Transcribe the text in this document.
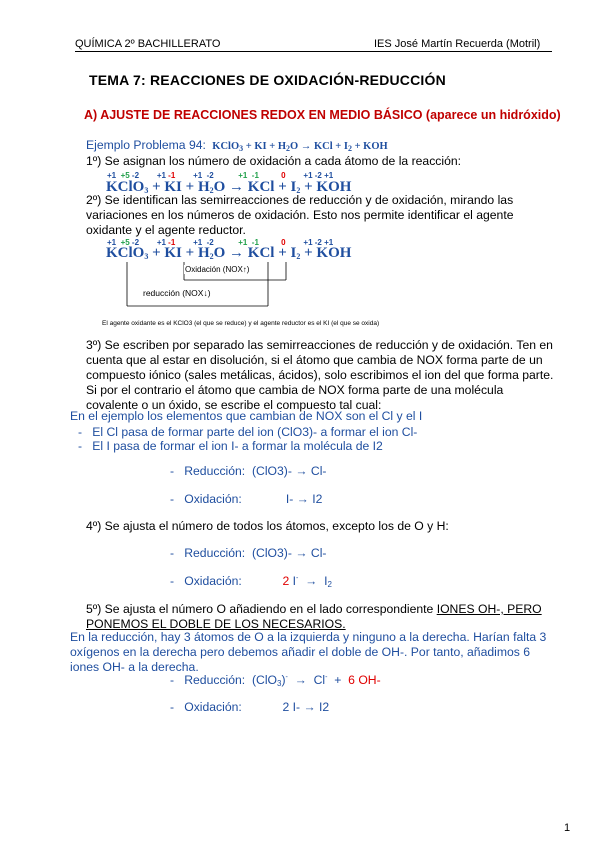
QUÍMICA 2º BACHILLERATO	IES José Martín Recuerda (Motril)
TEMA 7: REACCIONES DE OXIDACIÓN-REDUCCIÓN
A) AJUSTE DE REACCIONES REDOX EN MEDIO BÁSICO (aparece un hidróxido)
Ejemplo Problema 94: KClO$_3$ + KI + $H_2O$ → KCl + $I_2$ + KOH
1º) Se asignan los número de oxidación a cada átomo de la reacción:
+1 +5 -2        +1 -1        +1  -2           +1 -1	0        +1 -2 +1
KClO$_3$ + KI + $H_2O$ → KCl + $I_2$ + KOH
2º) Se identifican las semirreacciones de reducción y de oxidación, mirando las variaciones en los números de oxidación. Esto nos permite identificar el agente oxidante y el agente reductor.
+1 +5 -2        +1 -1        +1  -2           +1 -1	0        +1 -2 +1
KClO$_3$ + KI + $H_2O$ → KCl + $I_2$ + KOH
Oxidación (NOX↑)
reducción (NOX↓)
El agente oxidante es el KClO3 (el que se reduce) y el agente reductor es el KI (el que se oxida)
3º) Se escriben por separado las semirreacciones de reducción y de oxidación. Ten en cuenta que al estar en disolución, si el átomo que cambia de NOX forma parte de un compuesto iónico (sales metálicas, ácidos), solo escribimos el ion del que forma parte. Si por el contrario el átomo que cambia de NOX forma parte de una molécula covalente o un óxido, se escribe el compuesto tal cual:
En el ejemplo los elementos que cambian de NOX son el Cl y el I
-   El Cl pasa de formar parte del ion (ClO3)- a formar el ion Cl-
-   El I pasa de formar el ion I- a formar la molécula de I2
-   Reducción: (ClO3)- → Cl-
-   Oxidación:	I- → I2
4º) Se ajusta el número de todos los átomos, excepto los de O y H:
-   Reducción: (ClO3)- → Cl-
-   Oxidación:	2 $I^- \to I_2$
5º) Se ajusta el número O añadiendo en el lado correspondiente IONES OH-, PERO PONEMOS EL DOBLE DE LOS NECESARIOS.
En la reducción, hay 3 átomos de O a la izquierda y ninguno a la derecha. Harían falta 3 oxígenos en la derecha pero debemos añadir el doble de OH-. Por tanto, añadimos 6 iones OH- a la derecha.
-   Reducción:  (ClO$_3$)-  →  Cl-  +  6 OH-
-   Oxidación:	2 I- → I2
1
